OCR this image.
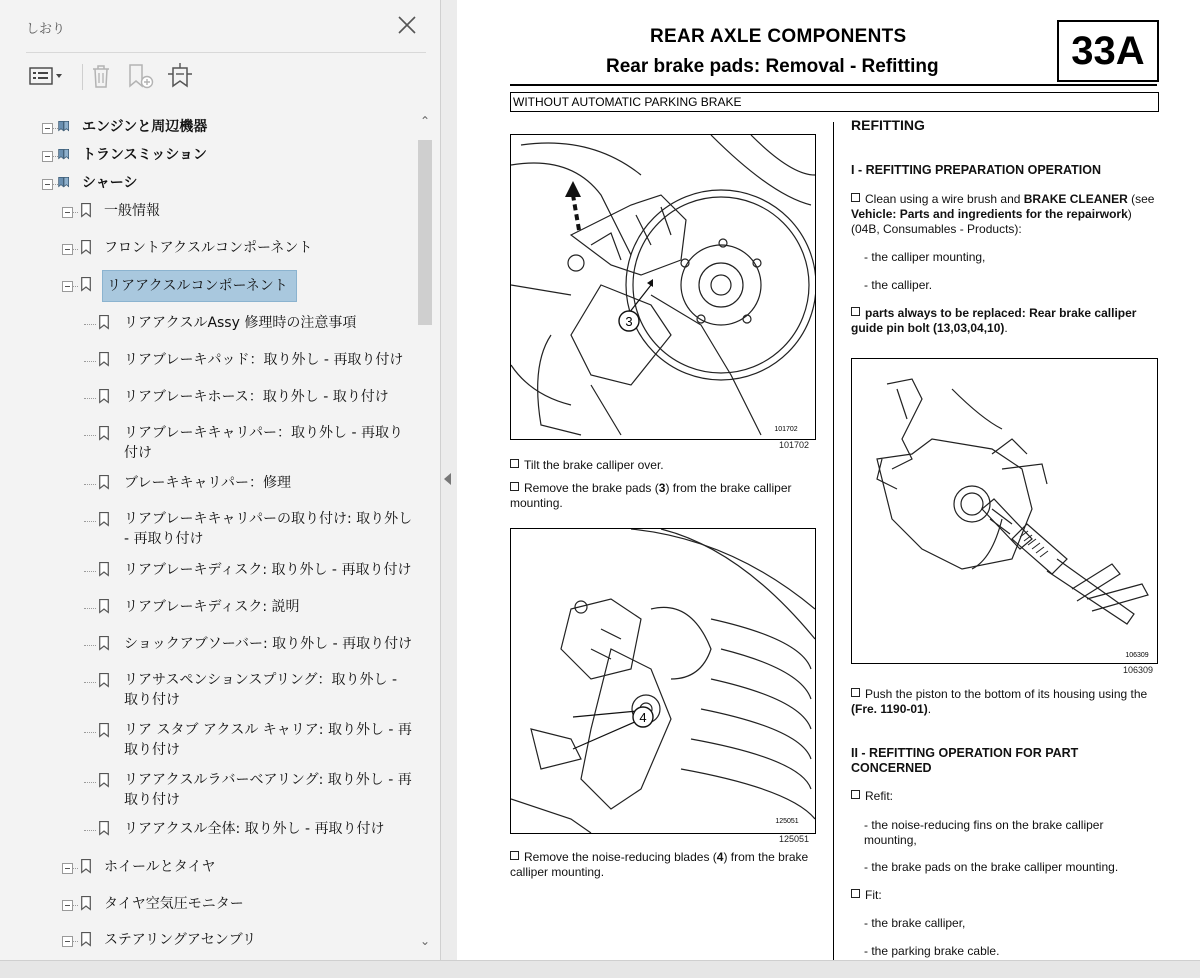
しおり
エンジンと周辺機器
トランスミッション
シャーシ
一般情報
フロントアクスルコンポーネント
リアアクスルコンポーネント
リアアクスルAssy 修理時の注意事項
リアブレーキパッド：取り外し - 再取り付け
リアブレーキホース：取り外し - 取り付け
リアブレーキキャリパー：取り外し - 再取り付け
ブレーキキャリパー：修理
リアブレーキキャリパーの取り付け: 取り外し - 再取り付け
リアブレーキディスク: 取り外し - 再取り付け
リアブレーキディスク: 説明
ショックアブソーバー: 取り外し - 再取り付け
リアサスペンションスプリング：取り外し - 取り付け
リア スタブ アクスル キャリア: 取り外し - 再取り付け
リアアクスルラバーベアリング: 取り外し - 再取り付け
リアアクスル全体: 取り外し - 再取り付け
ホイールとタイヤ
タイヤ空気圧モニター
ステアリングアセンブリ
⌃
⌄
REAR AXLE COMPONENTS
Rear brake pads: Removal - Refitting	33A
WITHOUT AUTOMATIC PARKING BRAKE
3
101702
101702
Tilt the brake calliper over.
Remove the brake pads (3) from the brake calliper mounting.
4
125051
125051
Remove the noise-reducing blades (4) from the brake calliper mounting.
REFITTING
I - REFITTING PREPARATION OPERATION
Clean using a wire brush and BRAKE CLEANER (see Vehicle: Parts and ingredients for the repairwork) (04B, Consumables - Products):
- the calliper mounting,
- the calliper.
parts always to be replaced: Rear brake calliper guide pin bolt (13,03,04,10).
106309
106309
Push the piston to the bottom of its housing using the (Fre. 1190-01).
II - REFITTING OPERATION FOR PART CONCERNED
Refit:
- the noise-reducing fins on the brake calliper mounting,
- the brake pads on the brake calliper mounting.
Fit:
- the brake calliper,
- the parking brake cable.
